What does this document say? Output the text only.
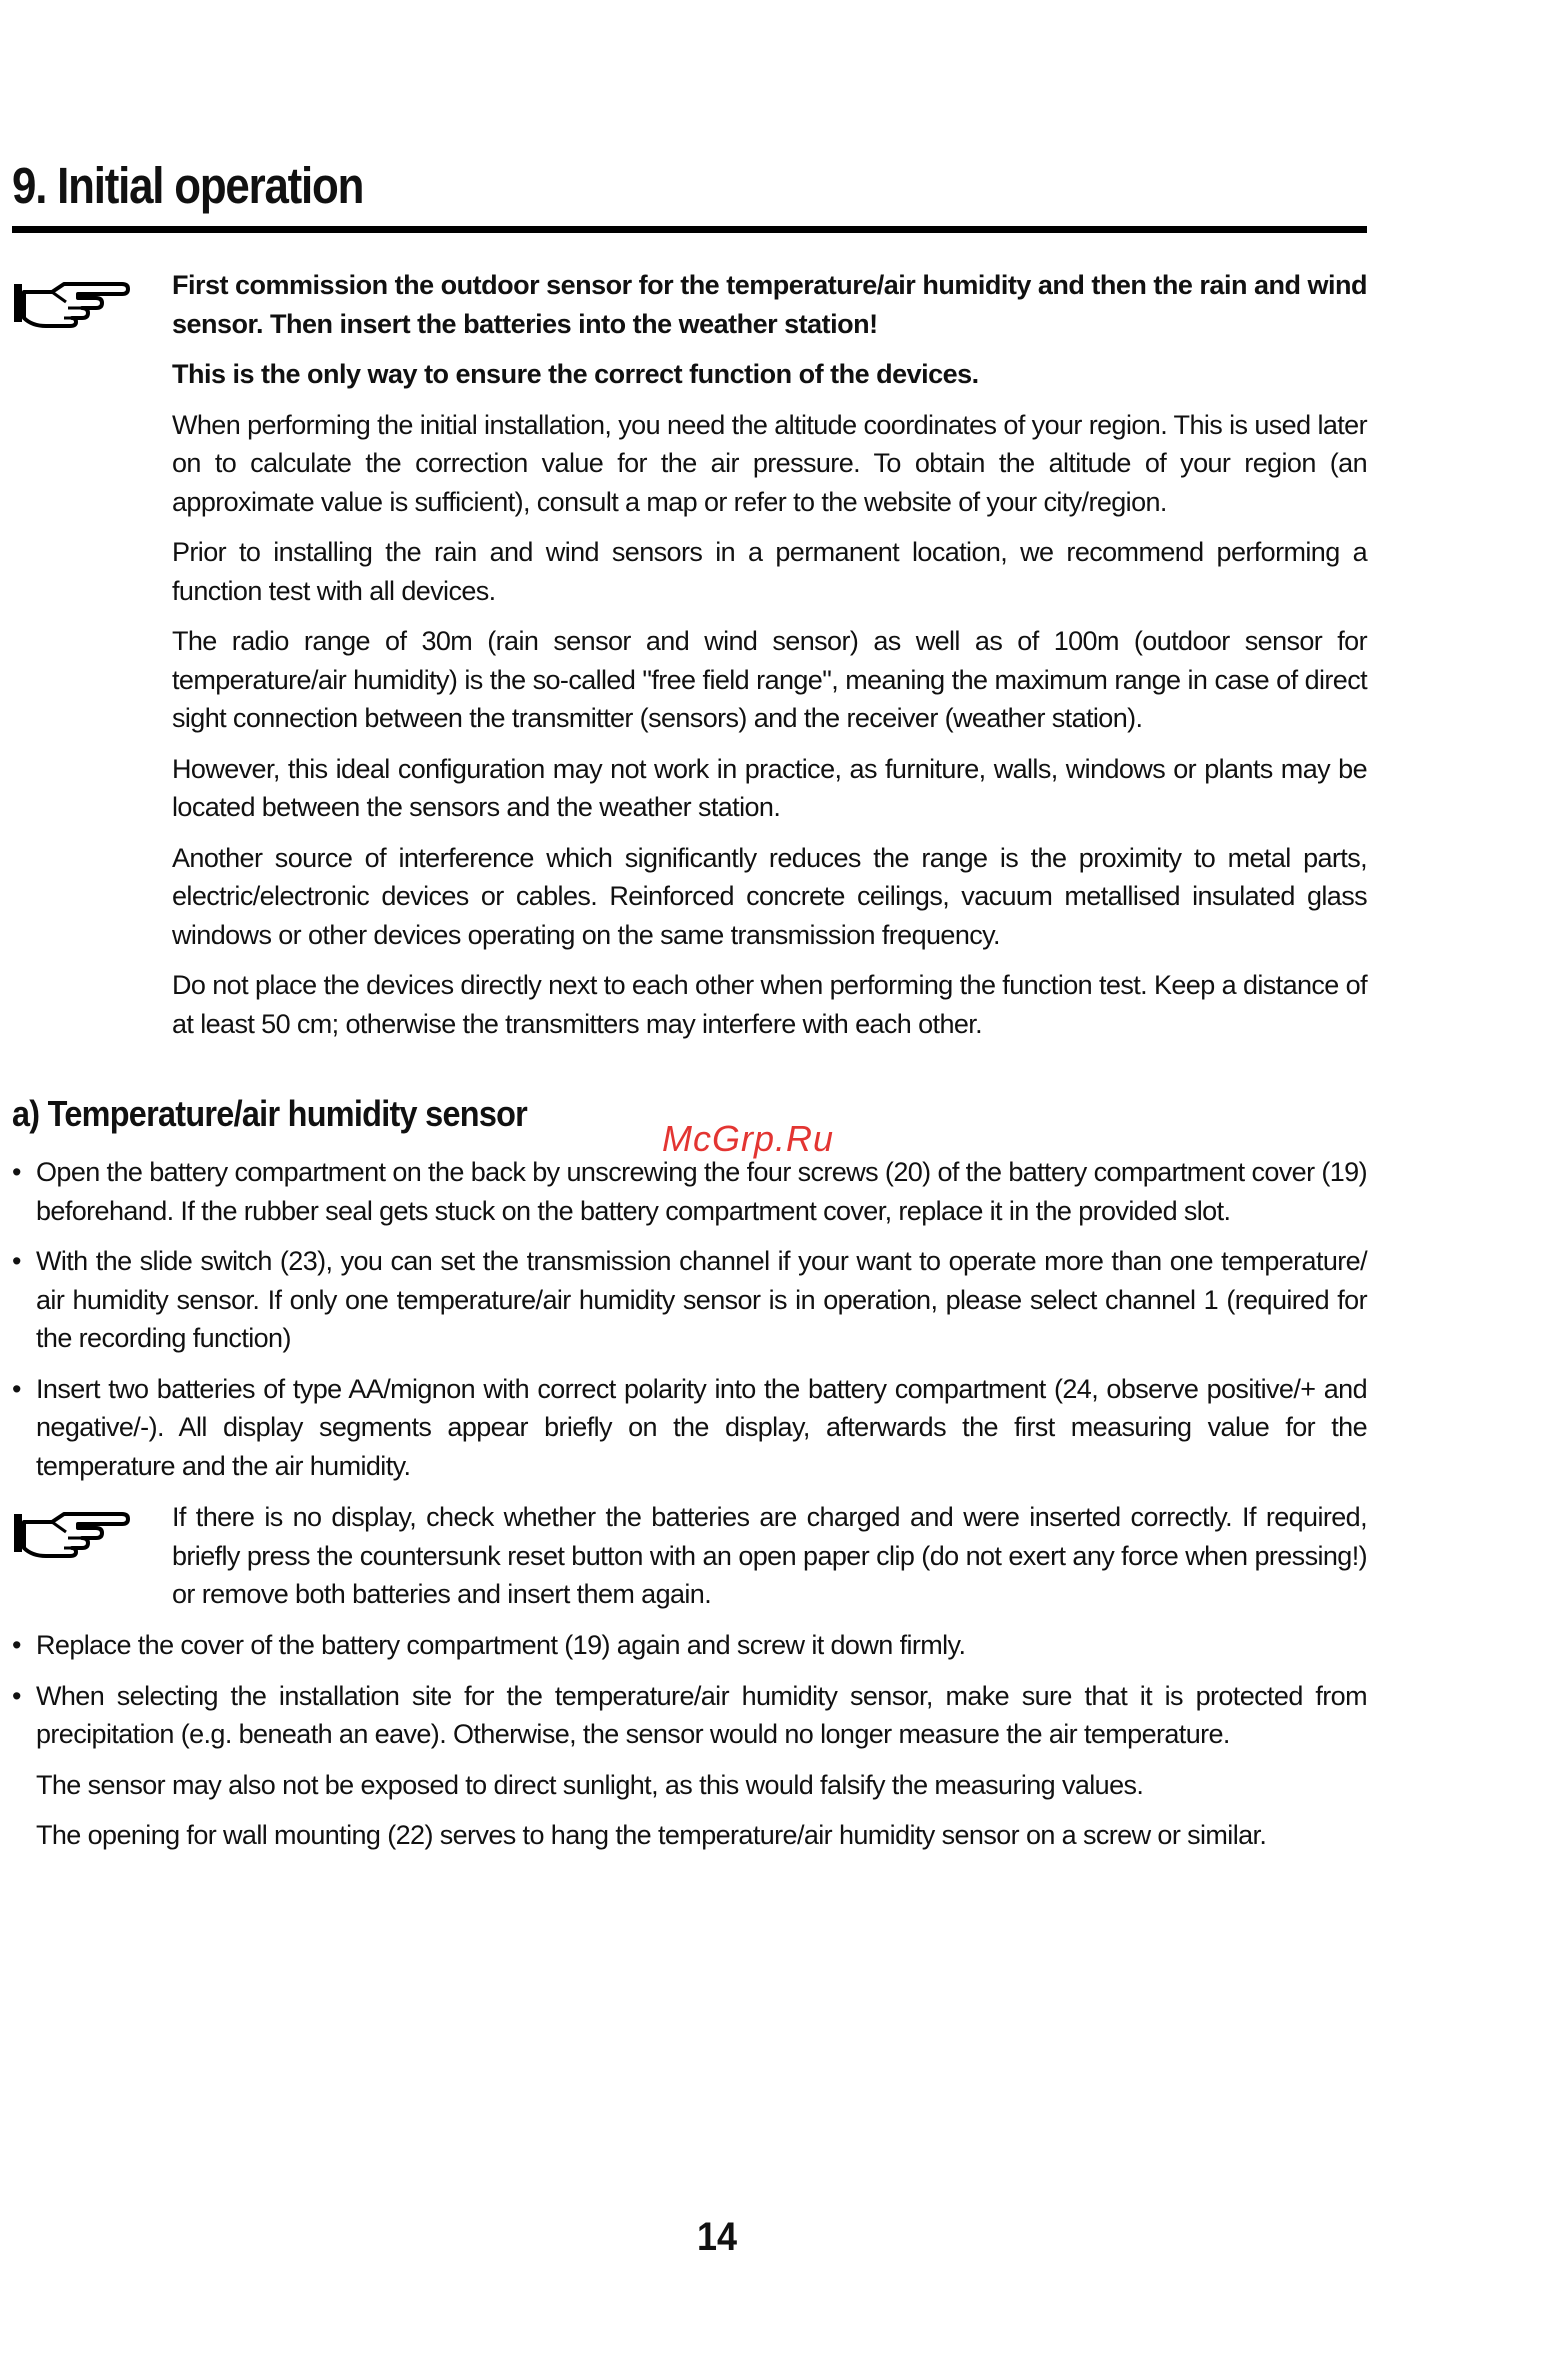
9. Initial operation

First commission the outdoor sensor for the temperature/air humidity and then the rain and wind sensor. Then insert the batteries into the weather station!

This is the only way to ensure the correct function of the devices.

When performing the initial installation, you need the altitude coordinates of your region. This is used later on to calculate the correction value for the air pressure. To obtain the altitude of your region (an approximate value is sufficient), consult a map or refer to the website of your city/region.

Prior to installing the rain and wind sensors in a permanent location, we recommend performing a function test with all devices.

The radio range of 30m (rain sensor and wind sensor) as well as of 100m (outdoor sensor for temperature/air humidity) is the so-called "free field range", meaning the maximum range in case of direct sight connection between the transmitter (sensors) and the receiver (weather station).

However, this ideal configuration may not work in practice, as furniture, walls, windows or plants may be located between the sensors and the weather station.

Another source of interference which significantly reduces the range is the proximity to metal parts, electric/electronic devices or cables. Reinforced concrete ceilings, vacuum metallised insulated glass windows or other devices operating on the same transmission frequency.

Do not place the devices directly next to each other when performing the function test. Keep a distance of at least 50 cm; otherwise the transmitters may interfere with each other.

a) Temperature/air humidity sensor

• Open the battery compartment on the back by unscrewing the four screws (20) of the battery compartment cover (19) beforehand. If the rubber seal gets stuck on the battery compartment cover, replace it in the provided slot.

• With the slide switch (23), you can set the transmission channel if your want to operate more than one temperature/ air humidity sensor. If only one temperature/air humidity sensor is in operation, please select channel 1 (required for the recording function)

• Insert two batteries of type AA/mignon with correct polarity into the battery compartment (24, observe positive/+ and negative/-). All display segments appear briefly on the display, afterwards the first measuring value for the temperature and the air humidity.

If there is no display, check whether the batteries are charged and were inserted correctly. If required, briefly press the countersunk reset button with an open paper clip (do not exert any force when pressing!) or remove both batteries and insert them again.

• Replace the cover of the battery compartment (19) again and screw it down firmly.

• When selecting the installation site for the temperature/air humidity sensor, make sure that it is protected from precipitation (e.g. beneath an eave). Otherwise, the sensor would no longer measure the air temperature.

The sensor may also not be exposed to direct sunlight, as this would falsify the measuring values.

The opening for wall mounting (22) serves to hang the temperature/air humidity sensor on a screw or similar.

McGrp.Ru
14
